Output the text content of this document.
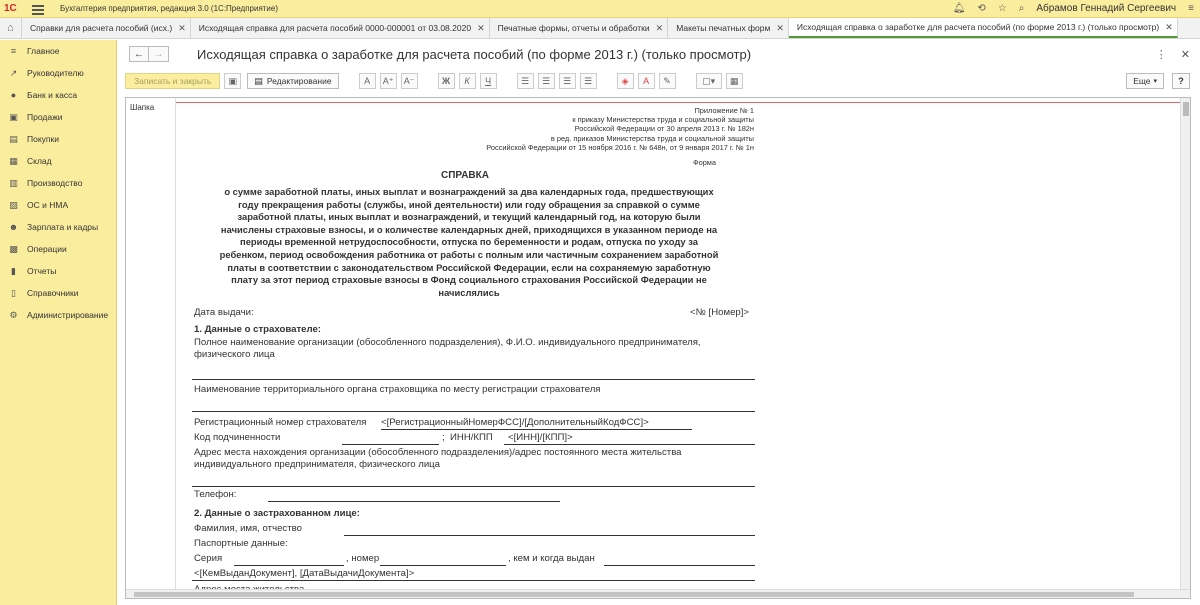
1С	Бухгалтерия предприятия, редакция 3.0 (1С:Предприятие)	🔔︎ ⟲ ☆ ⌕ Абрамов Геннадий Сергеевич ≡
⌂	Справки для расчета пособий (исх.) ✕ Исходящая справка для расчета пособий 0000-000001 от 03.08.2020 ✕ Печатные формы, отчеты и обработки ✕ Макеты печатных форм ✕ Исходящая справка о заработке для расчета пособий (по форме 2013 г.) (только просмотр) ✕
≡	Главное
↗ Руководителю
●	Банк и касса
▣ Продажи
▤ Покупки
▦ Склад
▥ Производство
▨ ОС и НМА
☻ Зарплата и кадры
▩ Операции
▮	Отчеты
▯	Справочники
⚙ Администрирование
← →	Исходящая справка о заработке для расчета пособий (по форме 2013 г.) (только просмотр)	⋮ ✕
Записать и закрыть	▣	▤ Редактирование	A	A⁺	A⁻	Ж	К	Ч	☰	☰	☰	☰	◈	A	✎	▢▾	▦	Еще ▾	?
Шапка	Приложение № 1
к приказу Министерства труда и социальной защиты
Российской Федерации от 30 апреля 2013 г. № 182н
в ред. приказов Министерства труда и социальной защиты
Российской Федерации от 15 ноября 2016 г. № 648н, от 9 января 2017 г. № 1н
Форма
СПРАВКА
о сумме заработной платы, иных выплат и вознаграждений за два календарных года, предшествующих
году прекращения работы (службы, иной деятельности) или году обращения за справкой о сумме
заработной платы, иных выплат и вознаграждений, и текущий календарный год, на которую были
начислены страховые взносы, и о количестве календарных дней, приходящихся в указанном периоде на
периоды временной нетрудоспособности, отпуска по беременности и родам, отпуска по уходу за
ребенком, период освобождения работника от работы с полным или частичным сохранением заработной
платы в соответствии с законодательством Российской Федерации, если на сохраняемую заработную
плату за этот период страховые взносы в Фонд социального страхования Российской Федерации не
начислялись
Дата выдачи:	<№ [Номер]>
1. Данные о страхователе:
Полное наименование организации (обособленного подразделения), Ф.И.О. индивидуального предпринимателя,
физического лица
Наименование территориального органа страховщика по месту регистрации страхователя
Регистрационный номер страхователя <[РегистрационныйНомерФСС]/[ДополнительныйКодФСС]>
Код подчиненности	; ИНН/КПП <[ИНН]/[КПП]>
Адрес места нахождения организации (обособленного подразделения)/адрес постоянного места жительства
индивидуального предпринимателя, физического лица
Телефон:
2. Данные о застрахованном лице:
Фамилия, имя, отчество
Паспортные данные:
Серия	, номер	, кем и когда выдан
<[КемВыданДокумент], [ДатаВыдачиДокумента]>
